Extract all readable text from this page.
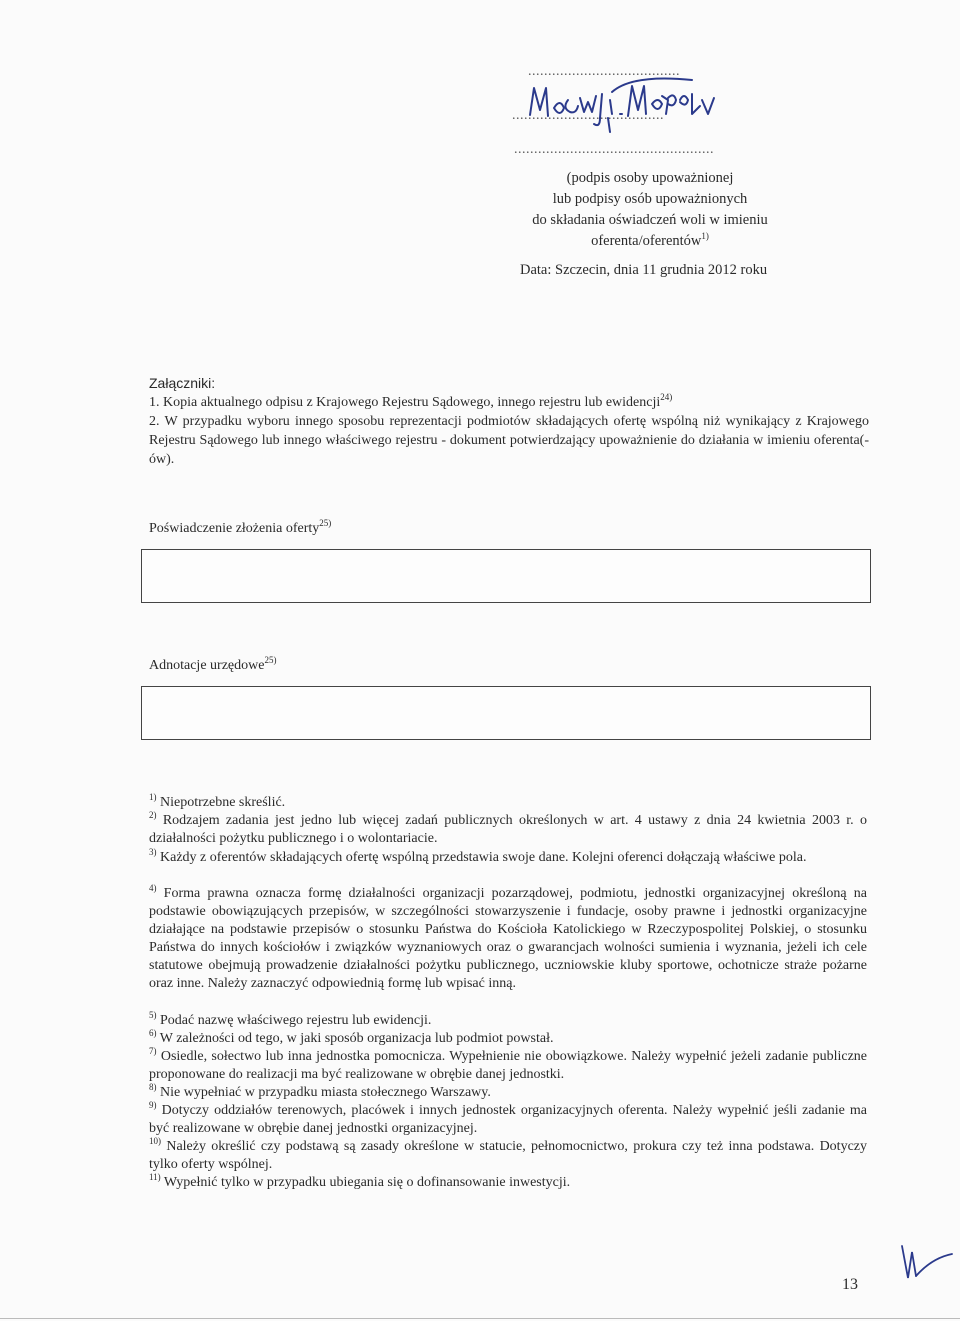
......................................
......................................
..................................................
(podpis osoby upoważnionej
lub podpisy osób upoważnionych
do składania oświadczeń woli w imieniu
oferenta/oferentów$^{1)}$
Data: Szczecin, dnia 11 grudnia 2012 roku
Załączniki:
1. Kopia aktualnego odpisu z Krajowego Rejestru Sądowego, innego rejestru lub ewidencji$^{24)}$
2. W przypadku wyboru innego sposobu reprezentacji podmiotów składających ofertę wspólną niż wynikający z Krajowego Rejestru Sądowego lub innego właściwego rejestru - dokument potwierdzający upoważnienie do działania w imieniu oferenta(-ów).
Poświadczenie złożenia oferty$^{25)}$
Adnotacje urzędowe$^{25)}$
$^{1)}$ Niepotrzebne skreślić.
$^{2)}$ Rodzajem zadania jest jedno lub więcej zadań publicznych określonych w art. 4 ustawy z dnia 24 kwietnia 2003 r. o działalności pożytku publicznego i o wolontariacie.
$^{3)}$ Każdy z oferentów składających ofertę wspólną przedstawia swoje dane. Kolejni oferenci dołączają właściwe pola.
$^{4)}$ Forma prawna oznacza formę działalności organizacji pozarządowej, podmiotu, jednostki organizacyjnej określoną na podstawie obowiązujących przepisów, w szczególności stowarzyszenie i fundacje, osoby prawne i jednostki organizacyjne działające na podstawie przepisów o stosunku Państwa do Kościoła Katolickiego w Rzeczypospolitej Polskiej, o stosunku Państwa do innych kościołów i związków wyznaniowych oraz o gwarancjach wolności sumienia i wyznania, jeżeli ich cele statutowe obejmują prowadzenie działalności pożytku publicznego, uczniowskie kluby sportowe, ochotnicze straże pożarne oraz inne. Należy zaznaczyć odpowiednią formę lub wpisać inną.
$^{5)}$ Podać nazwę właściwego rejestru lub ewidencji.
$^{6)}$ W zależności od tego, w jaki sposób organizacja lub podmiot powstał.
$^{7)}$ Osiedle, sołectwo lub inna jednostka pomocnicza. Wypełnienie nie obowiązkowe. Należy wypełnić jeżeli zadanie publiczne proponowane do realizacji ma być realizowane w obrębie danej jednostki.
$^{8)}$ Nie wypełniać w przypadku miasta stołecznego Warszawy.
$^{9)}$ Dotyczy oddziałów terenowych, placówek i innych jednostek organizacyjnych oferenta. Należy wypełnić jeśli zadanie ma być realizowane w obrębie danej jednostki organizacyjnej.
$^{10)}$ Należy określić czy podstawą są zasady określone w statucie, pełnomocnictwo, prokura czy też inna podstawa. Dotyczy tylko oferty wspólnej.
$^{11)}$ Wypełnić tylko w przypadku ubiegania się o dofinansowanie inwestycji.
13
